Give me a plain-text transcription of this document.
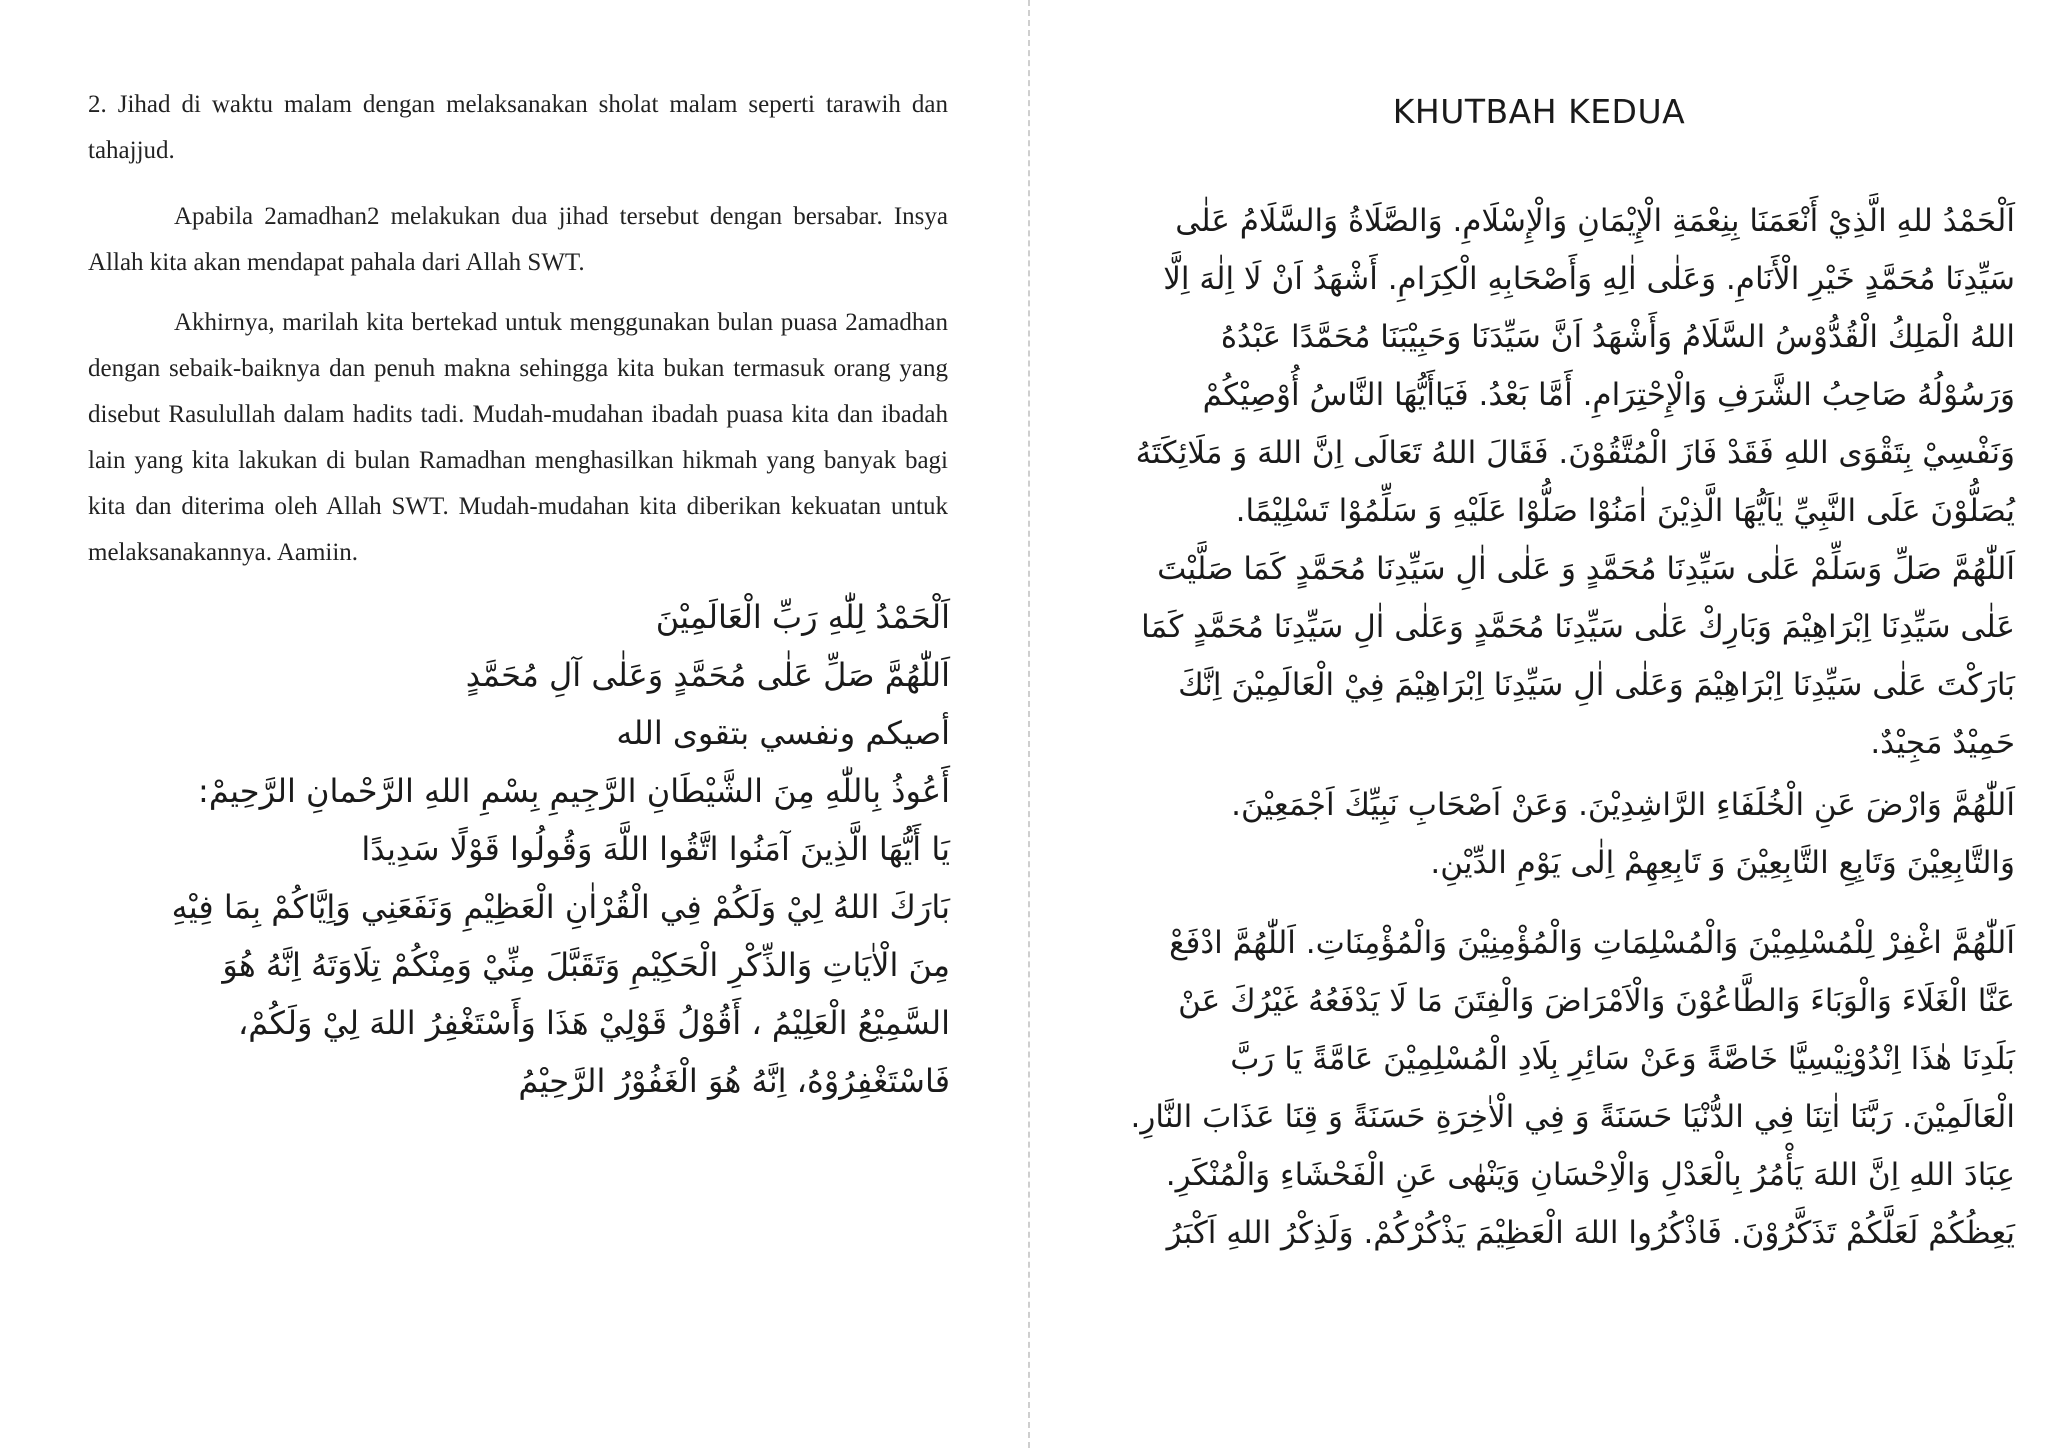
2. Jihad di waktu malam dengan melaksanakan sholat malam seperti tarawih dan tahajjud.

Apabila 2amadhan2 melakukan dua jihad tersebut dengan bersabar. Insya Allah kita akan mendapat pahala dari Allah SWT.

Akhirnya, marilah kita bertekad untuk menggunakan bulan puasa 2amadhan dengan sebaik-baiknya dan penuh makna sehingga kita bukan termasuk orang yang disebut Rasulullah dalam hadits tadi. Mudah-mudahan ibadah puasa kita dan ibadah lain yang kita lakukan di bulan Ramadhan menghasilkan hikmah yang banyak bagi kita dan diterima oleh Allah SWT. Mudah-mudahan kita diberikan kekuatan untuk melaksanakannya. Aamiin.

اَلْحَمْدُ لِلّٰهِ رَبِّ الْعَالَمِيْنَ
اَللّٰهُمَّ صَلِّ عَلٰى مُحَمَّدٍ وَعَلٰى آلِ مُحَمَّدٍ
أصيكم ونفسي بتقوى الله
أَعُوذُ بِاللّٰهِ مِنَ الشَّيْطَانِ الرَّجِيمِ بِسْمِ اللهِ الرَّحْمانِ الرَّحِيمْ:
يَا أَيُّهَا الَّذِينَ آمَنُوا اتَّقُوا اللَّهَ وَقُولُوا قَوْلًا سَدِيدًا
بَارَكَ اللهُ لِيْ وَلَكُمْ فِي الْقُرْاٰنِ الْعَظِيْمِ وَنَفَعَنِي وَاِيَّاكُمْ بِمَا فِيْهِ
مِنَ الْاٰيَاتِ وَالذِّكْرِ الْحَكِيْمِ وَتَقَبَّلَ مِنِّيْ وَمِنْكُمْ تِلَاوَتَهُ اِنَّهُ هُوَ
السَّمِيْعُ الْعَلِيْمُ ، أَقُوْلُ قَوْلِيْ هَذَا وَأَسْتَغْفِرُ اللهَ لِيْ وَلَكُمْ،
فَاسْتَغْفِرُوْهُ، اِنَّهُ هُوَ الْغَفُوْرُ الرَّحِيْمُ
KHUTBAH KEDUA
اَلْحَمْدُ للهِ الَّذِيْ أَنْعَمَنَا بِنِعْمَةِ الْإِيْمَانِ وَالْإِسْلَامِ. وَالصَّلَاةُ وَالسَّلَامُ عَلٰى
سَيِّدِنَا مُحَمَّدٍ خَيْرِ الْأَنَامِ. وَعَلٰى اٰلِهِ وَأَصْحَابِهِ الْكِرَامِ. أَشْهَدُ اَنْ لَا اِلٰهَ اِلَّا
اللهُ الْمَلِكُ الْقُدُّوْسُ السَّلَامُ وَأَشْهَدُ اَنَّ سَيِّدَنَا وَحَبِيْبَنَا مُحَمَّدًا عَبْدُهُ
وَرَسُوْلُهُ صَاحِبُ الشَّرَفِ وَالْإِحْتِرَامِ. أَمَّا بَعْدُ. فَيَاأَيُّهَا النَّاسُ أُوْصِيْكُمْ
وَنَفْسِيْ بِتَقْوَى اللهِ فَقَدْ فَازَ الْمُتَّقُوْنَ. فَقَالَ اللهُ تَعَالَى اِنَّ اللهَ وَ مَلَائِكَتَهُ
يُصَلُّوْنَ عَلَى النَّبِيِّ يٰاَيُّهَا الَّذِيْنَ اٰمَنُوْا صَلُّوْا عَلَيْهِ وَ سَلِّمُوْا تَسْلِيْمًا.
اَللّٰهُمَّ صَلِّ وَسَلِّمْ عَلٰى سَيِّدِنَا مُحَمَّدٍ وَ عَلٰى اٰلِ سَيِّدِنَا مُحَمَّدٍ كَمَا صَلَّيْتَ
عَلٰى سَيِّدِنَا اِبْرَاهِيْمَ وَبَارِكْ عَلٰى سَيِّدِنَا مُحَمَّدٍ وَعَلٰى اٰلِ سَيِّدِنَا مُحَمَّدٍ كَمَا
بَارَكْتَ عَلٰى سَيِّدِنَا اِبْرَاهِيْمَ وَعَلٰى اٰلِ سَيِّدِنَا اِبْرَاهِيْمَ فِيْ الْعَالَمِيْنَ اِنَّكَ
حَمِيْدٌ مَجِيْدٌ.
اَللّٰهُمَّ وَارْضَ عَنِ الْخُلَفَاءِ الرَّاشِدِيْنَ. وَعَنْ اَصْحَابِ نَبِيِّكَ اَجْمَعِيْنَ.
وَالتَّابِعِيْنَ وَتَابِعِ التَّابِعِيْنَ وَ تَابِعِهِمْ اِلٰى يَوْمِ الدِّيْنِ.
اَللّٰهُمَّ اغْفِرْ لِلْمُسْلِمِيْنَ وَالْمُسْلِمَاتِ وَالْمُؤْمِنِيْنَ وَالْمُؤْمِنَاتِ. اَللّٰهُمَّ ادْفَعْ
عَنَّا الْغَلَاءَ وَالْوَبَاءَ وَالطَّاعُوْنَ وَالْاَمْرَاضَ وَالْفِتَنَ مَا لَا يَدْفَعُهُ غَيْرُكَ عَنْ
بَلَدِنَا هٰذَا اِنْدُوْنِيْسِيَّا خَاصَّةً وَعَنْ سَائِرِ بِلَادِ الْمُسْلِمِيْنَ عَامَّةً يَا رَبَّ
الْعَالَمِيْنَ. رَبَّنَا اٰتِنَا فِي الدُّنْيَا حَسَنَةً وَ فِي الْاٰخِرَةِ حَسَنَةً وَ قِنَا عَذَابَ النَّارِ.
عِبَادَ اللهِ اِنَّ اللهَ يَأْمُرُ بِالْعَدْلِ وَالْاِحْسَانِ وَيَنْهٰى عَنِ الْفَحْشَاءِ وَالْمُنْكَرِ.
يَعِظُكُمْ لَعَلَّكُمْ تَذَكَّرُوْنَ. فَاذْكُرُوا اللهَ الْعَظِيْمَ يَذْكُرْكُمْ. وَلَذِكْرُ اللهِ اَكْبَرُ
